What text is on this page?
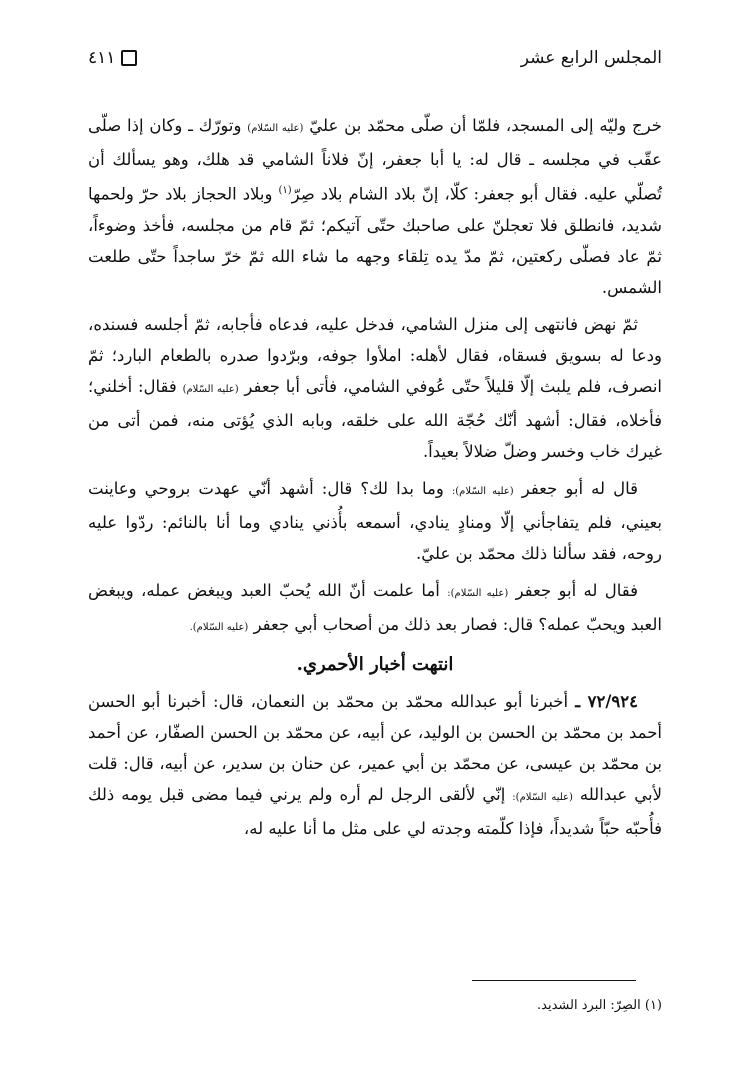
المجلس الرابع عشر
٤١١

خرج وليّه إلى المسجد، فلمّا أن صلّى محمّد بن عليّ (عليه السّلام) وتورّك ـ وكان إذا صلّى عقّب في مجلسه ـ قال له: يا أبا جعفر، إنّ فلاناً الشامي قد هلك، وهو يسألك أن تُصلّي عليه. فقال أبو جعفر: كلّا، إنّ بلاد الشام بلاد صِرّ$^{(١)}$ وبلاد الحجاز بلاد حرّ ولحمها شديد، فانطلق فلا تعجلنّ على صاحبك حتّى آتيكم؛ ثمّ قام من مجلسه، فأخذ وضوءاً، ثمّ عاد فصلّى ركعتين، ثمّ مدّ يده تِلقاء وجهه ما شاء الله ثمّ خرّ ساجداً حتّى طلعت الشمس.

ثمّ نهض فانتهى إلى منزل الشامي، فدخل عليه، فدعاه فأجابه، ثمّ أجلسه فسنده، ودعا له بسويق فسقاه، فقال لأهله: املأوا جوفه، وبرّدوا صدره بالطعام البارد؛ ثمّ انصرف، فلم يلبث إلّا قليلاً حتّى عُوفي الشامي، فأتى أبا جعفر (عليه السّلام) فقال: أخلني؛ فأخلاه، فقال: أشهد أنّك حُجّة الله على خلقه، وبابه الذي يُؤتى منه، فمن أتى من غيرك خاب وخسر وضلّ ضلالاً بعيداً.

قال له أبو جعفر (عليه السّلام): وما بدا لك؟ قال: أشهد أنّي عهدت بروحي وعاينت بعيني، فلم يتفاجأني إلّا ومنادٍ ينادي، أسمعه بأُذني ينادي وما أنا بالنائم: ردّوا عليه روحه، فقد سألنا ذلك محمّد بن عليّ.

فقال له أبو جعفر (عليه السّلام): أما علمت أنّ الله يُحبّ العبد ويبغض عمله، ويبغض العبد ويحبّ عمله؟ قال: فصار بعد ذلك من أصحاب أبي جعفر (عليه السّلام).

انتهت أخبار الأحمري.

٧٢/٩٢٤ ـ أخبرنا أبو عبدالله محمّد بن محمّد بن النعمان، قال: أخبرنا أبو الحسن أحمد بن محمّد بن الحسن بن الوليد، عن أبيه، عن محمّد بن الحسن الصفّار، عن أحمد بن محمّد بن عيسى، عن محمّد بن أبي عمير، عن حنان بن سدير، عن أبيه، قال: قلت لأبي عبدالله (عليه السّلام): إنّي لألقى الرجل لم أره ولم يرني فيما مضى قبل يومه ذلك فأُحبّه حبّاً شديداً، فإذا كلّمته وجدته لي على مثل ما أنا عليه له،

(١) الصِرّ: البرد الشديد.
